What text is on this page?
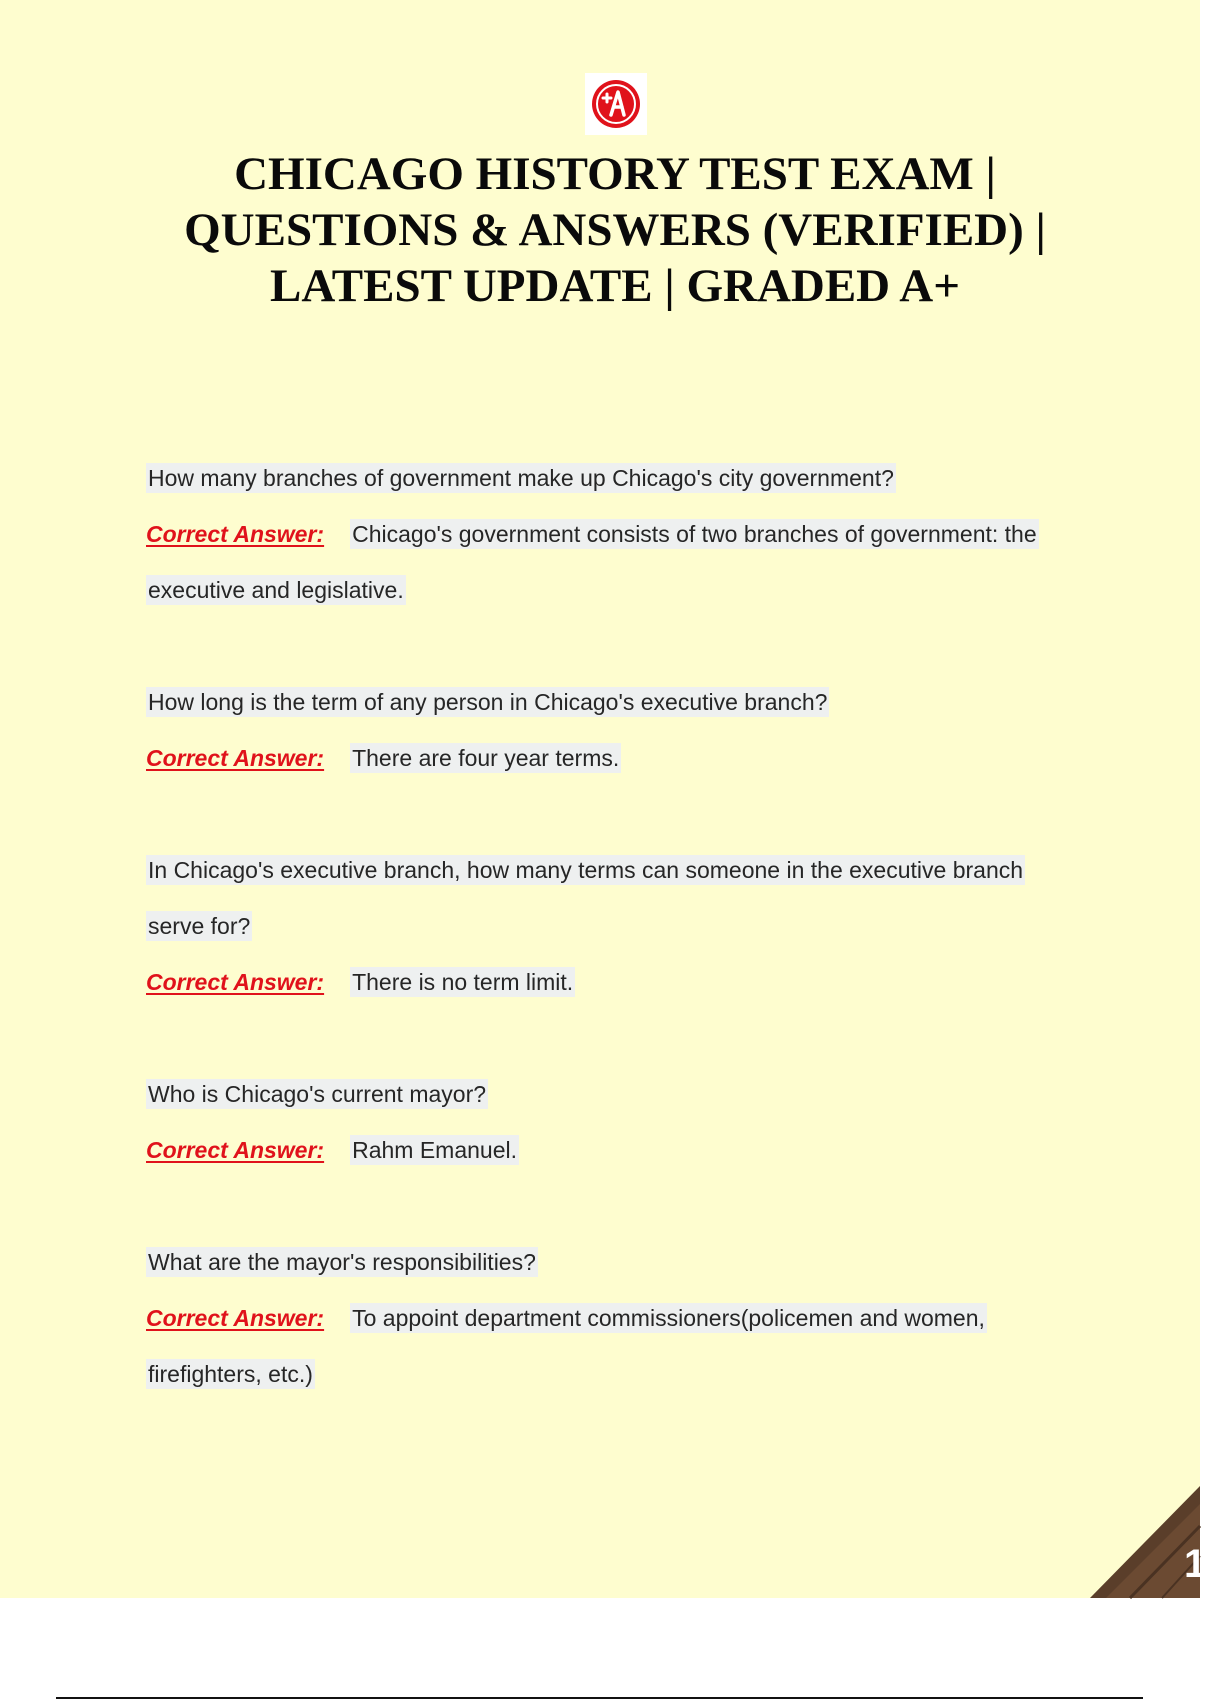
CHICAGO HISTORY TEST EXAM | QUESTIONS & ANSWERS (VERIFIED) | LATEST UPDATE | GRADED A+
How many branches of government make up Chicago's city government?
Correct Answer: Chicago's government consists of two branches of government: the
executive and legislative.
How long is the term of any person in Chicago's executive branch?
Correct Answer: There are four year terms.
In Chicago's executive branch, how many terms can someone in the executive branch
serve for?
Correct Answer: There is no term limit.
Who is Chicago's current mayor?
Correct Answer: Rahm Emanuel.
What are the mayor's responsibilities?
Correct Answer: To appoint department commissioners(policemen and women,
firefighters, etc.)
1
